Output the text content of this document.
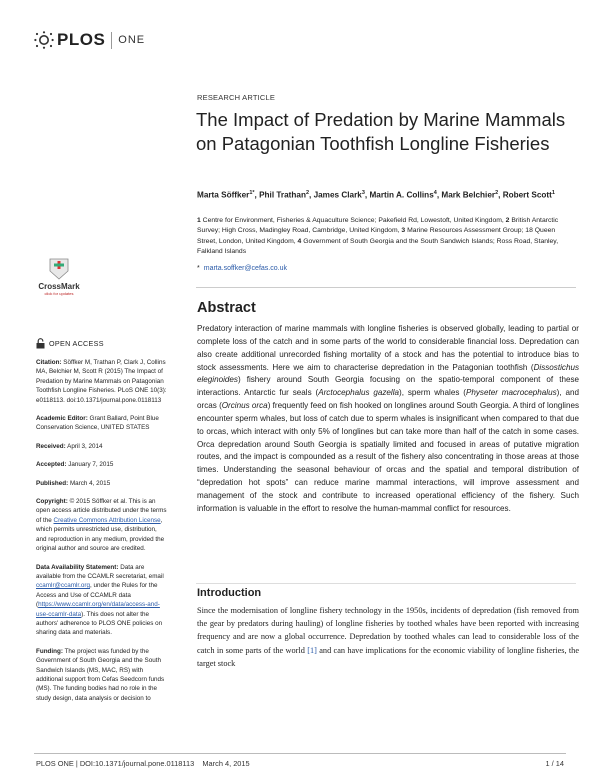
PLOS ONE
CrossMark
click for updates
RESEARCH ARTICLE
The Impact of Predation by Marine Mammals on Patagonian Toothfish Longline Fisheries
Marta Söffker$^{1*}$, Phil Trathan$^2$, James Clark$^3$, Martin A. Collins$^4$, Mark Belchier$^2$, Robert Scott$^1$
1 Centre for Environment, Fisheries & Aquaculture Science; Pakefield Rd, Lowestoft, United Kingdom, 2 British Antarctic Survey; High Cross, Madingley Road, Cambridge, United Kingdom, 3 Marine Resources Assessment Group; 18 Queen Street, London, United Kingdom, 4 Government of South Georgia and the South Sandwich Islands; Ross Road, Stanley, Falkland Islands
* marta.soffker@cefas.co.uk
Abstract

Predatory interaction of marine mammals with longline fisheries is observed globally, leading to partial or complete loss of the catch and in some parts of the world to considerable financial loss. Depredation can also create additional unrecorded fishing mortality of a stock and has the potential to introduce bias to stock assessments. Here we aim to characterise depredation in the Patagonian toothfish (Dissostichus eleginoides) fishery around South Georgia focusing on the spatio-temporal component of these interactions. Antarctic fur seals (Arctocephalus gazella), sperm whales (Physeter macrocephalus), and orcas (Orcinus orca) frequently feed on fish hooked on longlines around South Georgia. A third of longlines encounter sperm whales, but loss of catch due to sperm whales is insignificant when compared to that due to orcas, which interact with only 5% of longlines but can take more than half of the catch in some cases. Orca depredation around South Georgia is spatially limited and focused in areas of putative migration routes, and the impact is compounded as a result of the fishery also concentrating in those areas at those times. Understanding the seasonal behaviour of orcas and the spatial and temporal distribution of “depredation hot spots” can reduce marine mammal interactions, will improve assessment and management of the stock and contribute to increased operational efficiency of the fishery. Such information is valuable in the effort to resolve the human-mammal conflict for resources.

Introduction

Since the modernisation of longline fishery technology in the 1950s, incidents of depredation (fish removed from the gear by predators during hauling) of longline fisheries by toothed whales have been reported with increasing frequency and are now a global occurrence. Depredation by toothed whales can lead to considerable loss of the catch in some parts of the world [1] and can have implications for the economic viability of longline fisheries, the target stock

OPEN ACCESS
Citation: Söffker M, Trathan P, Clark J, Collins MA, Belchier M, Scott R (2015) The Impact of Predation by Marine Mammals on Patagonian Toothfish Longline Fisheries. PLoS ONE 10(3): e0118113. doi:10.1371/journal.pone.0118113
Academic Editor: Grant Ballard, Point Blue Conservation Science, UNITED STATES
Received: April 3, 2014
Accepted: January 7, 2015
Published: March 4, 2015
Copyright: © 2015 Söffker et al. This is an open access article distributed under the terms of the Creative Commons Attribution License, which permits unrestricted use, distribution, and reproduction in any medium, provided the original author and source are credited.
Data Availability Statement: Data are available from the CCAMLR secretariat, email ccamlr@ccamlr.org, under the Rules for the Access and Use of CCAMLR data (https://www.ccamlr.org/en/data/access-and-use-ccamlr-data). This does not alter the authors' adherence to PLOS ONE policies on sharing data and materials.
Funding: The project was funded by the Government of South Georgia and the South Sandwich Islands (MS, MAC, RS) with additional support from Cefas Seedcorn funds (MS). The funding bodies had no role in the study design, data analysis or decision to
PLOS ONE | DOI:10.1371/journal.pone.0118113    March 4, 2015	1 / 14
